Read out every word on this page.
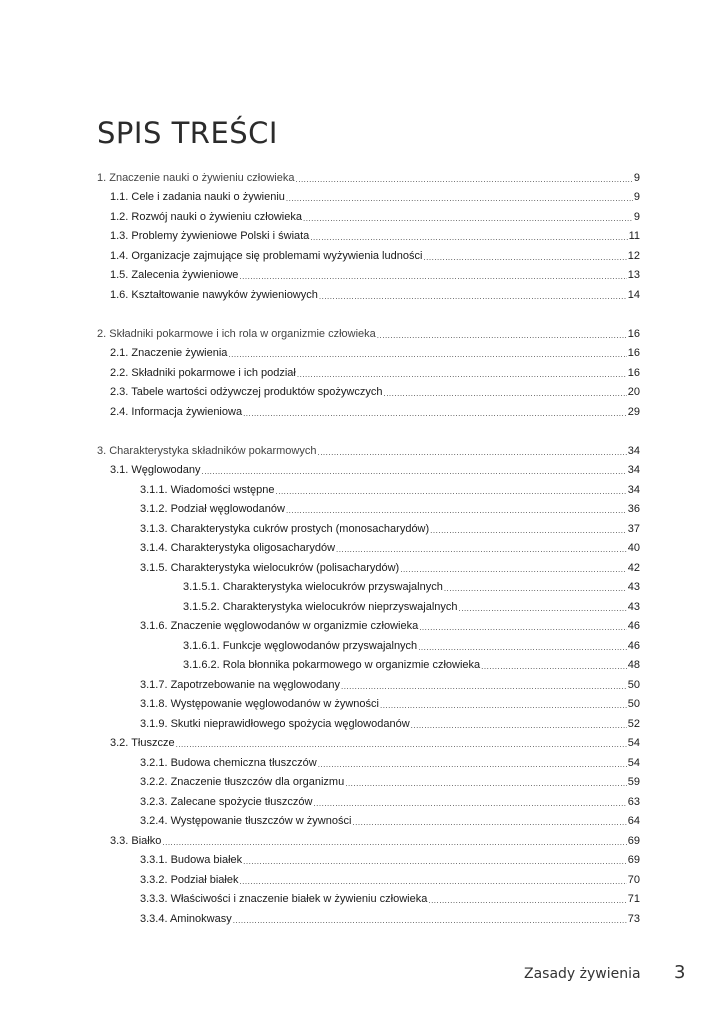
SPIS TREŚCI
1. Znaczenie nauki o żywieniu człowieka .....	9
1.1. Cele i zadania nauki o żywieniu .....	9
1.2. Rozwój nauki o żywieniu człowieka .....	9
1.3. Problemy żywieniowe Polski i świata .....	11
1.4. Organizacje zajmujące się problemami wyżywienia ludności .....	12
1.5. Zalecenia żywieniowe .....	13
1.6. Kształtowanie nawyków żywieniowych .....	14
2. Składniki pokarmowe i ich rola w organizmie człowieka .....	16
2.1. Znaczenie żywienia .....	16
2.2. Składniki pokarmowe i ich podział .....	16
2.3. Tabele wartości odżywczej produktów spożywczych .....	20
2.4. Informacja żywieniowa .....	29
3. Charakterystyka składników pokarmowych .....	34
3.1. Węglowodany .....	34
3.1.1. Wiadomości wstępne .....	34
3.1.2. Podział węglowodanów .....	36
3.1.3. Charakterystyka cukrów prostych (monosacharydów) .....	37
3.1.4. Charakterystyka oligosacharydów .....	40
3.1.5. Charakterystyka wielocukrów (polisacharydów) .....	42
3.1.5.1. Charakterystyka wielocukrów przyswajalnych .....	43
3.1.5.2. Charakterystyka wielocukrów nieprzyswajalnych .....	43
3.1.6. Znaczenie węglowodanów w organizmie człowieka .....	46
3.1.6.1. Funkcje węglowodanów przyswajalnych .....	46
3.1.6.2. Rola błonnika pokarmowego w organizmie człowieka .....	48
3.1.7. Zapotrzebowanie na węglowodany .....	50
3.1.8. Występowanie węglowodanów w żywności .....	50
3.1.9. Skutki nieprawidłowego spożycia węglowodanów .....	52
3.2. Tłuszcze .....	54
3.2.1. Budowa chemiczna tłuszczów .....	54
3.2.2. Znaczenie tłuszczów dla organizmu .....	59
3.2.3. Zalecane spożycie tłuszczów .....	63
3.2.4. Występowanie tłuszczów w żywności .....	64
3.3. Białko .....	69
3.3.1. Budowa białek .....	69
3.3.2. Podział białek .....	70
3.3.3. Właściwości i znaczenie białek w żywieniu człowieka .....	71
3.3.4. Aminokwasy .....	73
Zasady żywienia 3
